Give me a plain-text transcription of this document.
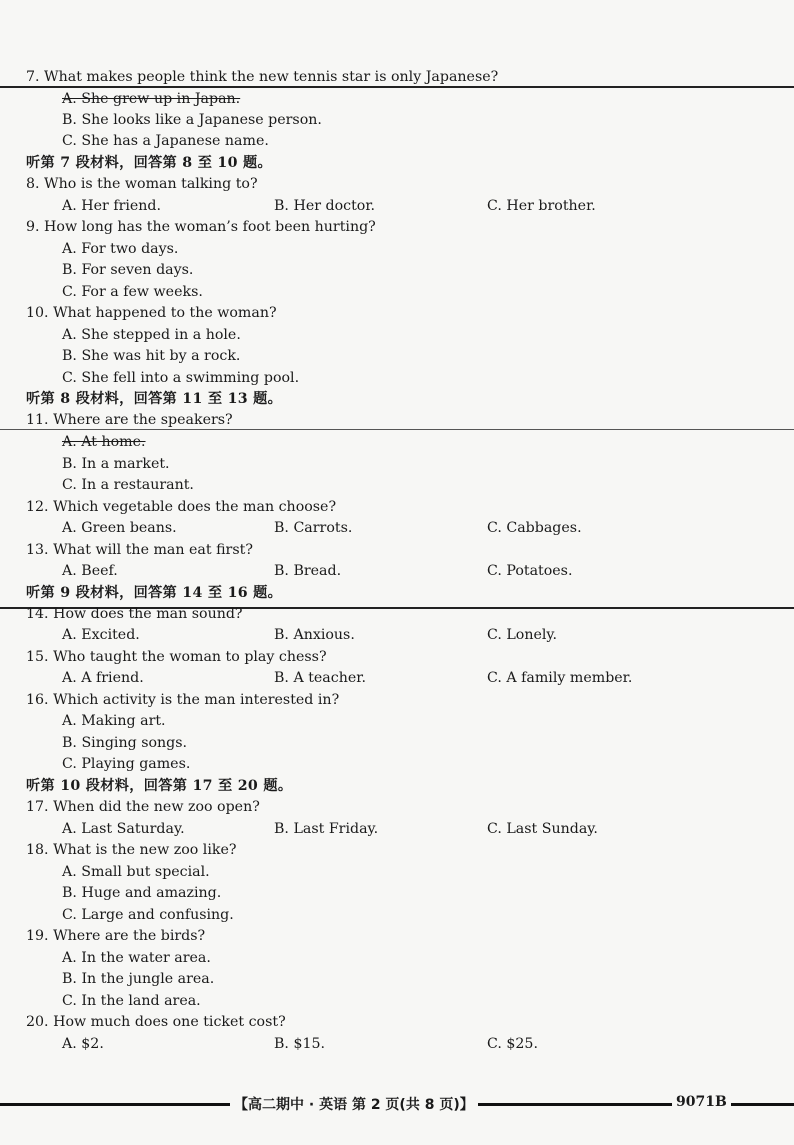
7. What makes people think the new tennis star is only Japanese?
A. She grew up in Japan.
B. She looks like a Japanese person.
C. She has a Japanese name.
听第 7 段材料，回答第 8 至 10 题。
8. Who is the woman talking to?
A. Her friend.	B. Her doctor.	C. Her brother.
9. How long has the woman’s foot been hurting?
A. For two days.
B. For seven days.
C. For a few weeks.
10. What happened to the woman?
A. She stepped in a hole.
B. She was hit by a rock.
C. She fell into a swimming pool.
听第 8 段材料，回答第 11 至 13 题。
11. Where are the speakers?
A. At home.
B. In a market.
C. In a restaurant.
12. Which vegetable does the man choose?
A. Green beans.	B. Carrots.	C. Cabbages.
13. What will the man eat first?
A. Beef.	B. Bread.	C. Potatoes.
听第 9 段材料，回答第 14 至 16 题。
14. How does the man sound?
A. Excited.	B. Anxious.	C. Lonely.
15. Who taught the woman to play chess?
A. A friend.	B. A teacher.	C. A family member.
16. Which activity is the man interested in?
A. Making art.
B. Singing songs.
C. Playing games.
听第 10 段材料，回答第 17 至 20 题。
17. When did the new zoo open?
A. Last Saturday.	B. Last Friday.	C. Last Sunday.
18. What is the new zoo like?
A. Small but special.
B. Huge and amazing.
C. Large and confusing.
19. Where are the birds?
A. In the water area.
B. In the jungle area.
C. In the land area.
20. How much does one ticket cost?
A. $2.	B. $15.	C. $25.
【高二期中 · 英语 第 2 页(共 8 页)】	9071B
